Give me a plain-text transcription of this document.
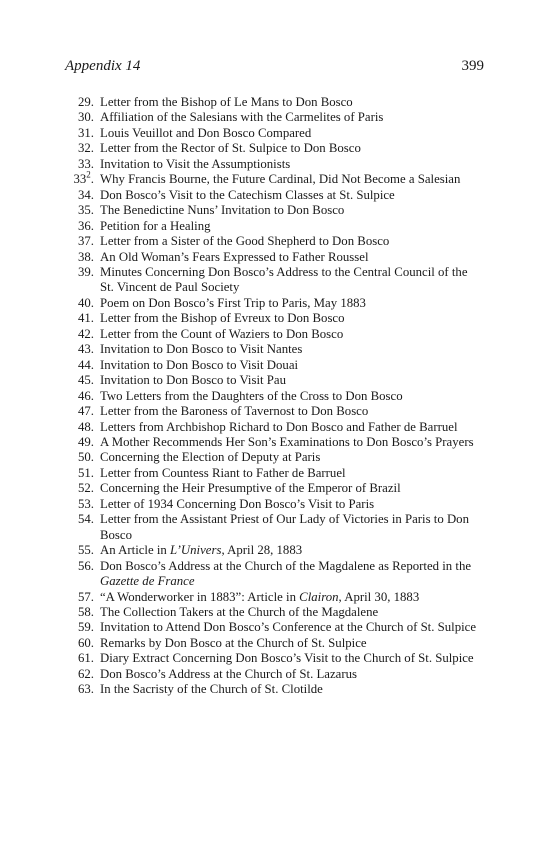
Appendix 14	399
29. Letter from the Bishop of Le Mans to Don Bosco
30. Affiliation of the Salesians with the Carmelites of Paris
31. Louis Veuillot and Don Bosco Compared
32. Letter from the Rector of St. Sulpice to Don Bosco
33. Invitation to Visit the Assumptionists
$33^2$. Why Francis Bourne, the Future Cardinal, Did Not Become a Salesian
34. Don Bosco’s Visit to the Catechism Classes at St. Sulpice
35. The Benedictine Nuns’ Invitation to Don Bosco
36. Petition for a Healing
37. Letter from a Sister of the Good Shepherd to Don Bosco
38. An Old Woman’s Fears Expressed to Father Roussel
39. Minutes Concerning Don Bosco’s Address to the Central Council of the St. Vincent de Paul Society
40. Poem on Don Bosco’s First Trip to Paris, May 1883
41. Letter from the Bishop of Evreux to Don Bosco
42. Letter from the Count of Waziers to Don Bosco
43. Invitation to Don Bosco to Visit Nantes
44. Invitation to Don Bosco to Visit Douai
45. Invitation to Don Bosco to Visit Pau
46. Two Letters from the Daughters of the Cross to Don Bosco
47. Letter from the Baroness of Tavernost to Don Bosco
48. Letters from Archbishop Richard to Don Bosco and Father de Barruel
49. A Mother Recommends Her Son’s Examinations to Don Bosco’s Prayers
50. Concerning the Election of Deputy at Paris
51. Letter from Countess Riant to Father de Barruel
52. Concerning the Heir Presumptive of the Emperor of Brazil
53. Letter of 1934 Concerning Don Bosco’s Visit to Paris
54. Letter from the Assistant Priest of Our Lady of Victories in Paris to Don Bosco
55. An Article in L’Univers, April 28, 1883
56. Don Bosco’s Address at the Church of the Magdalene as Reported in the Gazette de France
57. “A Wonderworker in 1883”: Article in Clairon, April 30, 1883
58. The Collection Takers at the Church of the Magdalene
59. Invitation to Attend Don Bosco’s Conference at the Church of St. Sulpice
60. Remarks by Don Bosco at the Church of St. Sulpice
61. Diary Extract Concerning Don Bosco’s Visit to the Church of St. Sulpice
62. Don Bosco’s Address at the Church of St. Lazarus
63. In the Sacristy of the Church of St. Clotilde
